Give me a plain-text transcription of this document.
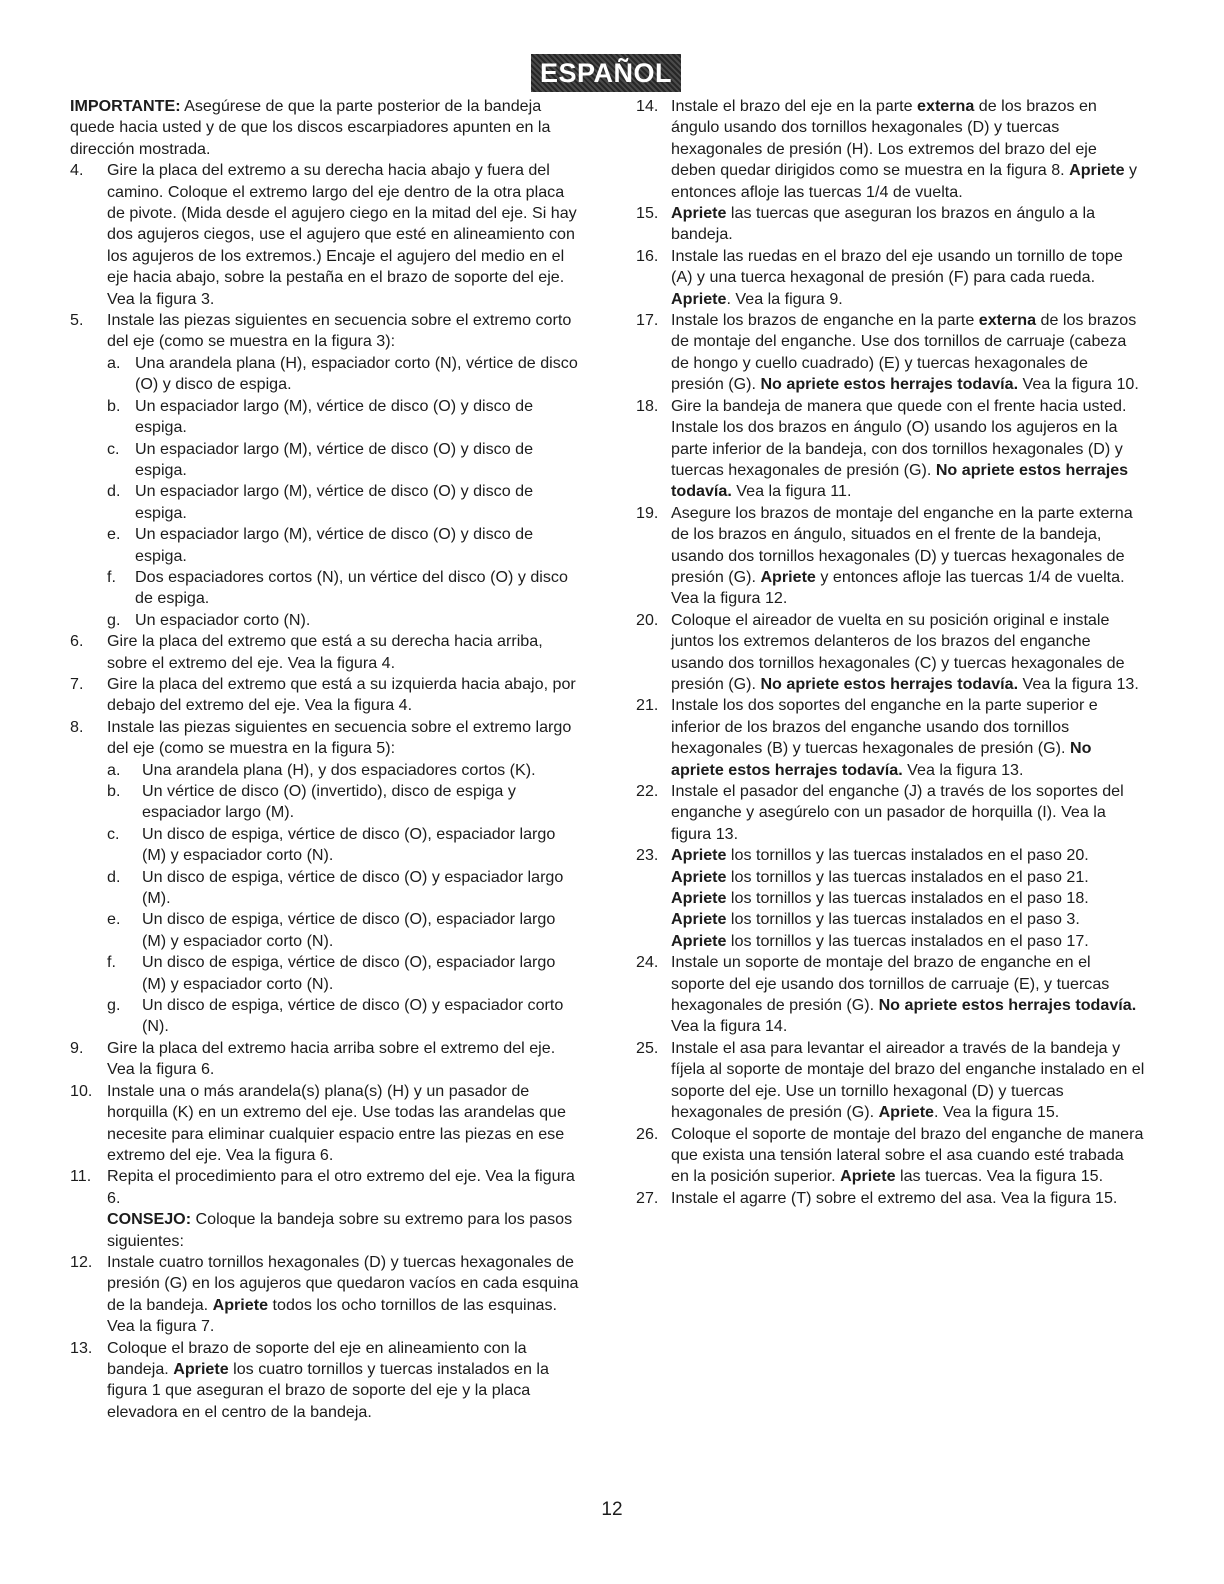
ESPAÑOL

IMPORTANTE: Asegúrese de que la parte posterior de la bandeja quede hacia usted y de que los discos escarpiadores apunten en la dirección mostrada.

4.	Gire la placa del extremo a su derecha hacia abajo y fuera del camino. Coloque el extremo largo del eje dentro de la otra placa de pivote. (Mida desde el agujero ciego en la mitad del eje. Si hay dos agujeros ciegos, use el agujero que esté en alineamiento con los agujeros de los extremos.) Encaje el agujero del medio en el eje hacia abajo, sobre la pestaña en el brazo de soporte del eje. Vea la figura 3.
5.	Instale las piezas siguientes en secuencia sobre el extremo corto del eje (como se muestra en la figura 3):
a. Una arandela plana (H), espaciador corto (N), vértice de disco (O) y disco de espiga.
b. Un espaciador largo (M), vértice de disco (O) y disco de espiga.
c. Un espaciador largo (M), vértice de disco (O) y disco de espiga.
d. Un espaciador largo (M), vértice de disco (O) y disco de espiga.
e. Un espaciador largo (M), vértice de disco (O) y disco de espiga.
f.	Dos espaciadores cortos (N), un vértice del disco (O) y disco de espiga.
g. Un espaciador corto (N).
6.	Gire la placa del extremo que está a su derecha hacia arriba, sobre el extremo del eje. Vea la figura 4.
7.	Gire la placa del extremo que está a su izquierda hacia abajo, por debajo del extremo del eje. Vea la figura 4.
8.	Instale las piezas siguientes en secuencia sobre el extremo largo del eje (como se muestra en la figura 5):
a.	Una arandela plana (H), y dos espaciadores cortos (K).
b.	Un vértice de disco (O) (invertido), disco de espiga y espaciador largo (M).
c.	Un disco de espiga, vértice de disco (O), espaciador largo (M) y espaciador corto (N).
d.	Un disco de espiga, vértice de disco (O) y espaciador largo (M).
e.	Un disco de espiga, vértice de disco (O), espaciador largo (M) y espaciador corto (N).
f.	Un disco de espiga, vértice de disco (O), espaciador largo (M) y espaciador corto (N).
g.	Un disco de espiga, vértice de disco (O) y espaciador corto (N).
9.	Gire la placa del extremo hacia arriba sobre el extremo del eje. Vea la figura 6.
10. Instale una o más arandela(s) plana(s) (H) y un pasador de horquilla (K) en un extremo del eje. Use todas las arandelas que necesite para eliminar cualquier espacio entre las piezas en ese extremo del eje. Vea la figura 6.
11. Repita el procedimiento para el otro extremo del eje. Vea la figura 6.

CONSEJO: Coloque la bandeja sobre su extremo para los pasos siguientes:

12. Instale cuatro tornillos hexagonales (D) y tuercas hexagonales de presión (G) en los agujeros que quedaron vacíos en cada esquina de la bandeja. Apriete todos los ocho tornillos de las esquinas. Vea la figura 7.
13. Coloque el brazo de soporte del eje en alineamiento con la bandeja. Apriete los cuatro tornillos y tuercas instalados en la figura 1 que aseguran el brazo de soporte del eje y la placa elevadora en el centro de la bandeja.
14. Instale el brazo del eje en la parte externa de los brazos en ángulo usando dos tornillos hexagonales (D) y tuercas hexagonales de presión (H). Los extremos del brazo del eje deben quedar dirigidos como se muestra en la figura 8. Apriete y entonces afloje las tuercas 1/4 de vuelta.
15. Apriete las tuercas que aseguran los brazos en ángulo a la bandeja.
16. Instale las ruedas en el brazo del eje usando un tornillo de tope (A) y una tuerca hexagonal de presión (F) para cada rueda. Apriete. Vea la figura 9.
17. Instale los brazos de enganche en la parte externa de los brazos de montaje del enganche. Use dos tornillos de carruaje (cabeza de hongo y cuello cuadrado) (E) y tuercas hexagonales de presión (G). No apriete estos herrajes todavía. Vea la figura 10.
18. Gire la bandeja de manera que quede con el frente hacia usted. Instale los dos brazos en ángulo (O) usando los agujeros en la parte inferior de la bandeja, con dos tornillos hexagonales (D) y tuercas hexagonales de presión (G). No apriete estos herrajes todavía. Vea la figura 11.
19. Asegure los brazos de montaje del enganche en la parte externa de los brazos en ángulo, situados en el frente de la bandeja, usando dos tornillos hexagonales (D) y tuercas hexagonales de presión (G). Apriete y entonces afloje las tuercas 1/4 de vuelta. Vea la figura 12.
20. Coloque el aireador de vuelta en su posición original e instale juntos los extremos delanteros de los brazos del enganche usando dos tornillos hexagonales (C) y tuercas hexagonales de presión (G). No apriete estos herrajes todavía. Vea la figura 13.
21. Instale los dos soportes del enganche en la parte superior e inferior de los brazos del enganche usando dos tornillos hexagonales (B) y tuercas hexagonales de presión (G). No apriete estos herrajes todavía. Vea la figura 13.
22. Instale el pasador del enganche (J) a través de los soportes del enganche y asegúrelo con un pasador de horquilla (I). Vea la figura 13.
23. Apriete los tornillos y las tuercas instalados en el paso 20.
Apriete los tornillos y las tuercas instalados en el paso 21.
Apriete los tornillos y las tuercas instalados en el paso 18.
Apriete los tornillos y las tuercas instalados en el paso 3.
Apriete los tornillos y las tuercas instalados en el paso 17.
24. Instale un soporte de montaje del brazo de enganche en el soporte del eje usando dos tornillos de carruaje (E), y tuercas hexagonales de presión (G). No apriete estos herrajes todavía. Vea la figura 14.
25. Instale el asa para levantar el aireador a través de la bandeja y fíjela al soporte de montaje del brazo del enganche instalado en el soporte del eje. Use un tornillo hexagonal (D) y tuercas hexagonales de presión (G). Apriete. Vea la figura 15.
26. Coloque el soporte de montaje del brazo del enganche de manera que exista una tensión lateral sobre el asa cuando esté trabada en la posición superior. Apriete las tuercas. Vea la figura 15.
27. Instale el agarre (T) sobre el extremo del asa. Vea la figura 15.
12
